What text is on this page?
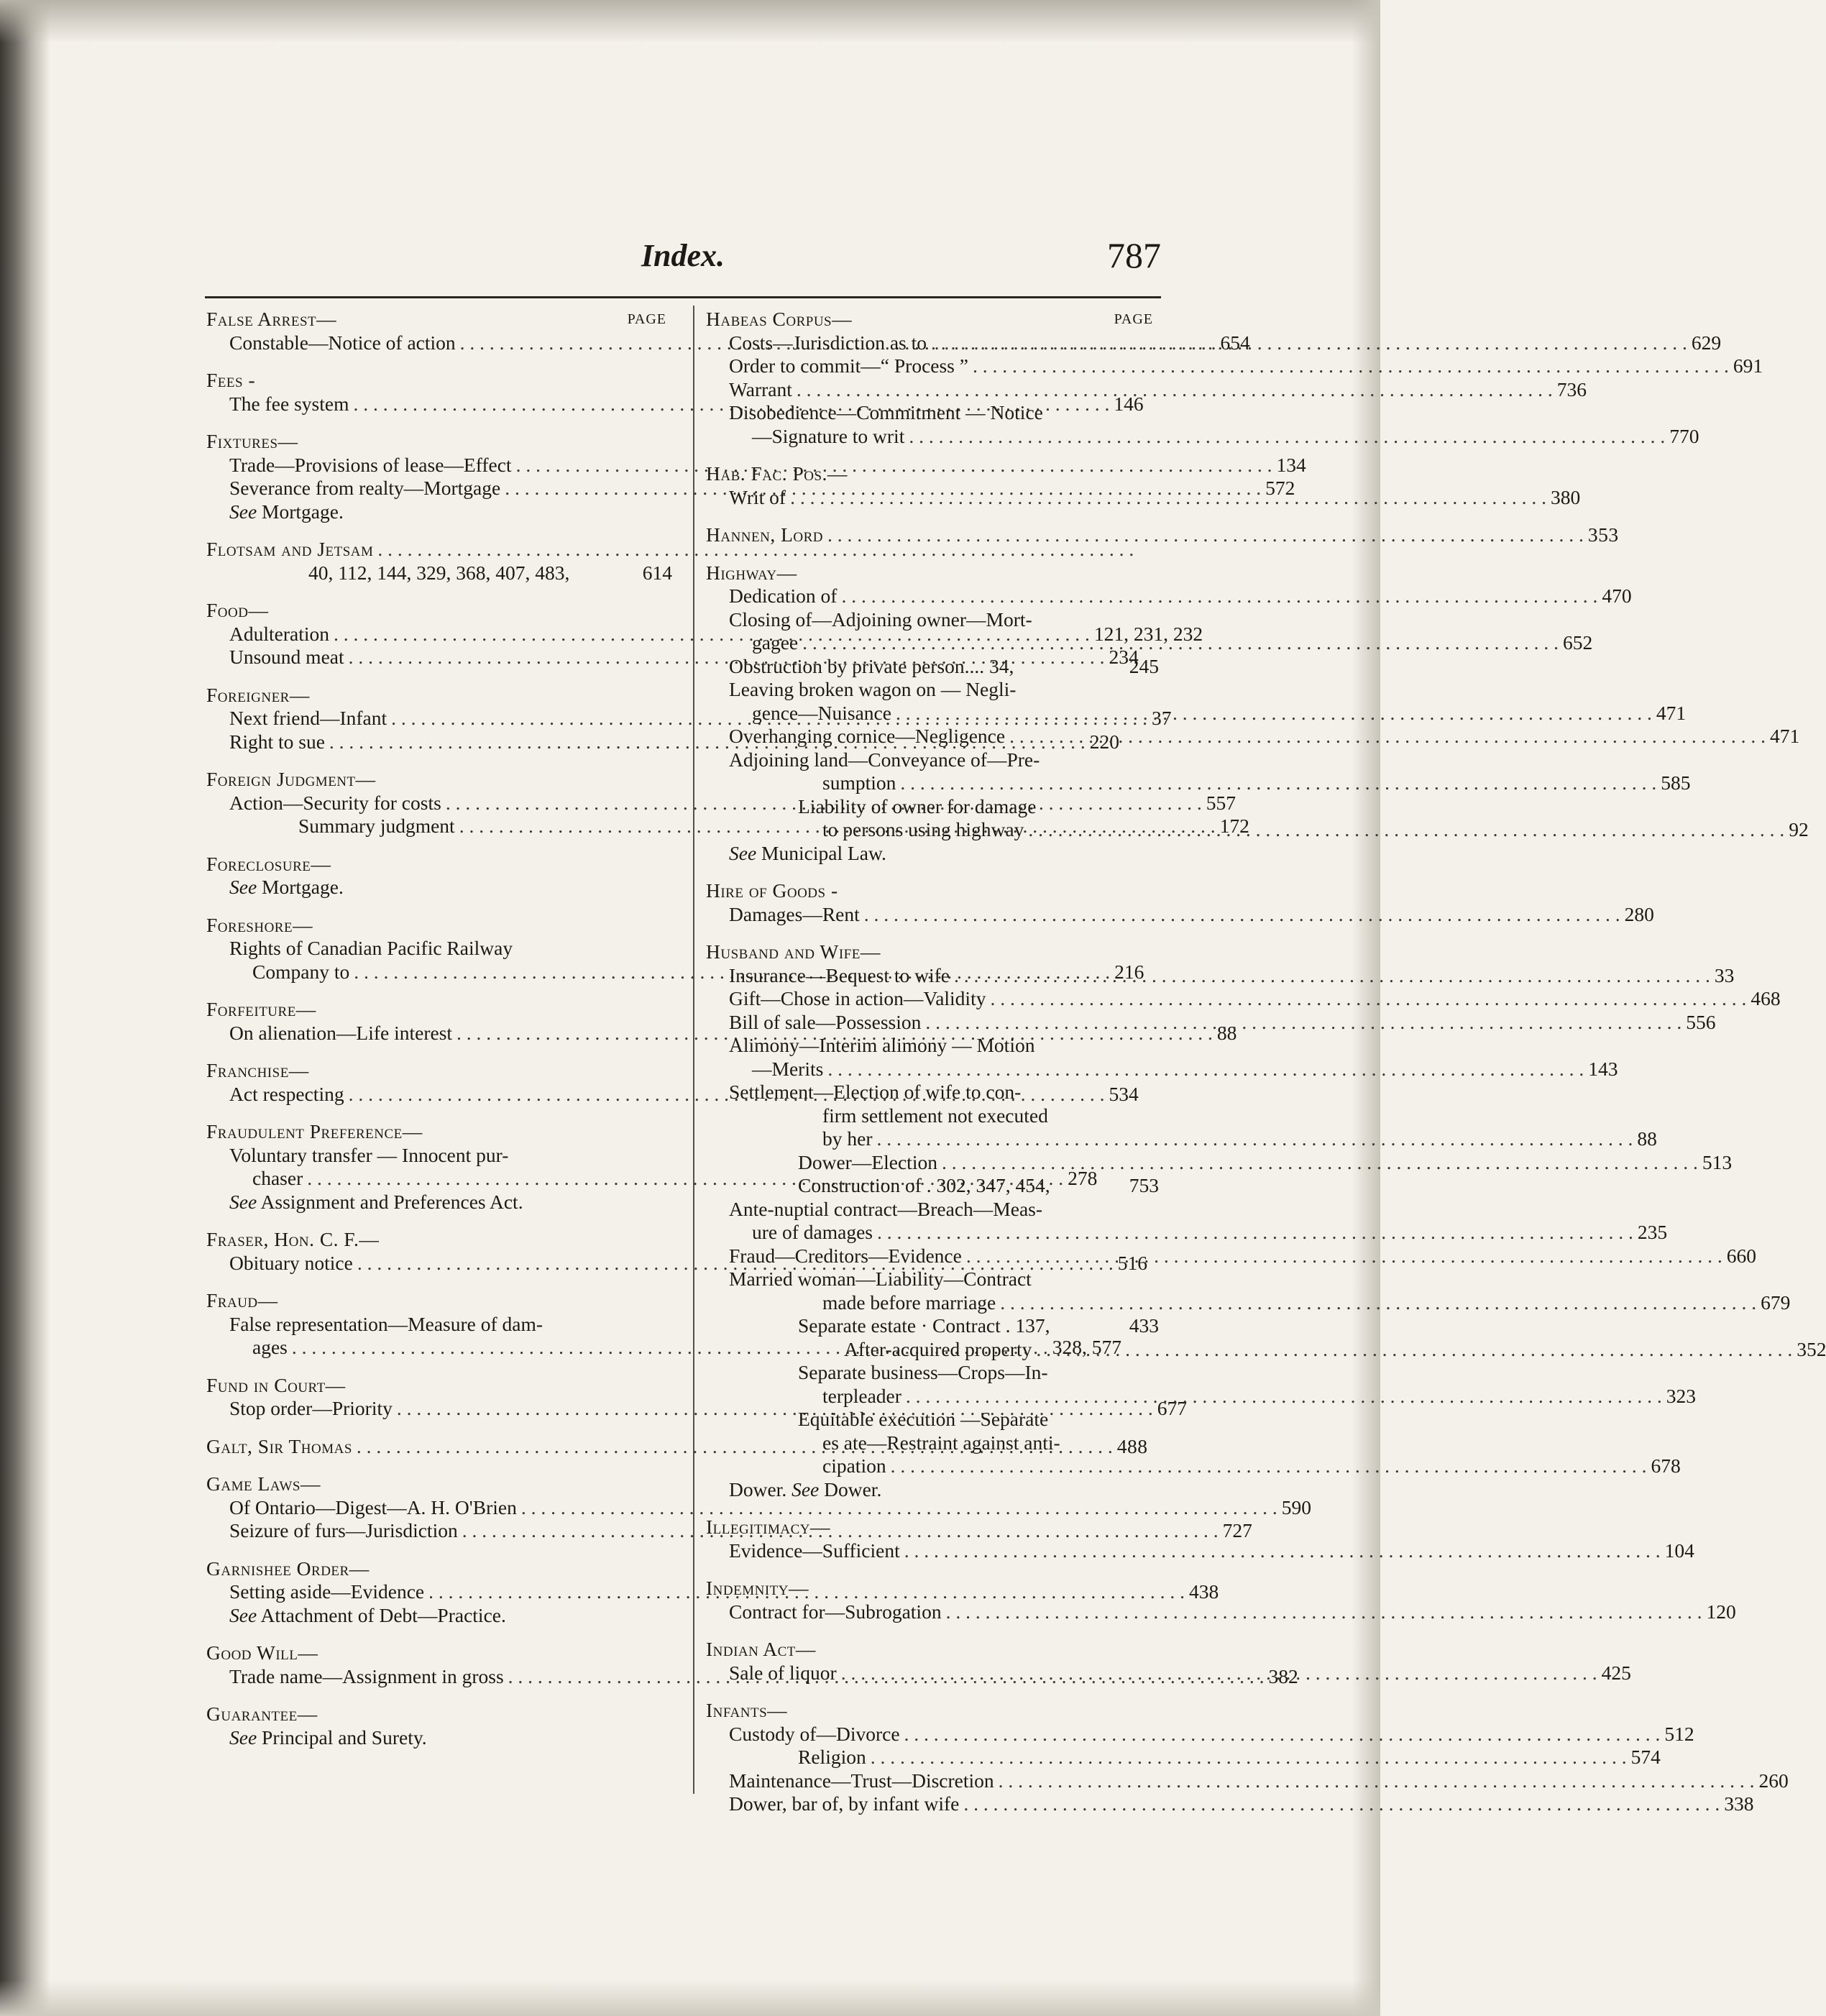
Index.	787
False Arrest—	PAGE
Constable—Notice of action . . .	654
Fees -
The fee system . . .	146
Fixtures—
Trade—Provisions of lease—Effect . . .	134
Severance from realty—Mortgage . . .	572
See Mortgage.
Flotsam and Jetsam
. . .
40, 112, 144, 329, 368, 407, 483,	614
Food—
Adulteration . . .	121, 231, 232
Unsound meat . . .	234
Foreigner—
Next friend—Infant . . .	37
Right to sue . . .	220
Foreign Judgment—
Action—Security for costs . . .	557
Summary judgment . . .	172
Foreclosure—
See Mortgage.
Foreshore—
Rights of Canadian Pacific Railway
Company to . . .	216
Forfeiture—
On alienation—Life interest . . .	88
Franchise—
Act respecting . . .	534
Fraudulent Preference—
Voluntary transfer — Innocent pur-
chaser . . .	278
See Assignment and Preferences Act.
Fraser, Hon. C. F.—
Obituary notice . . .	516
Fraud—
False representation—Measure of dam-
ages . . .	328, 577
Fund in Court—
Stop order—Priority . . .	677
Galt, Sir Thomas . . .	488
Game Laws—
Of Ontario—Digest—A. H. O'Brien . . .	590
Seizure of furs—Jurisdiction . . .	727
Garnishee Order—
Setting aside—Evidence . . .	438
See Attachment of Debt—Practice.
Good Will—
Trade name—Assignment in gross . . .	382
Guarantee—
See Principal and Surety.
Habeas Corpus—	PAGE
Costs—Jurisdiction as to . . .	629
Order to commit—“ Process ” . . .	691
Warrant . . .	736
Disobedience—Commitment — Notice
—Signature to writ . . .	770
Hab. Fac. Pos.—
Writ of . . .	380
Hannen, Lord . . .	353
Highway—
Dedication of . . .	470
Closing of—Adjoining owner—Mort-
gagee . . .	652
Obstruction by private person.... 34,	245
Leaving broken wagon on — Negli-
gence—Nuisance . . .	471
Overhanging cornice—Negligence . . .	471
Adjoining land—Conveyance of—Pre-
sumption . . .	585
Liability of owner for damage
to persons using highway . . .	92
See Municipal Law.
Hire of Goods -
Damages—Rent . . .	280
Husband and Wife—
Insurance—Bequest to wife . . .	33
Gift—Chose in action—Validity . . .	468
Bill of sale—Possession . . .	556
Alimony—Interim alimony — Motion
—Merits . . .	143
Settlement—Election of wife to con-
firm settlement not executed
by her . . .	88
Dower—Election . . .	513
Construction of . 302, 347, 454,	753
Ante-nuptial contract—Breach—Meas-
ure of damages . . .	235
Fraud—Creditors—Evidence . . .	660
Married woman—Liability—Contract
made before marriage . . .	679
Separate estate · Contract . 137,	433
After-acquired property . . .	352
Separate business—Crops—In-
terpleader . . .	323
Equitable execution —Separate
es ate—Restraint against anti-
cipation . . .	678
Dower. See Dower.
Illegitimacy—
Evidence—Sufficient . . .	104
Indemnity—
Contract for—Subrogation . . .	120
Indian Act—
Sale of liquor . . .	425
Infants—
Custody of—Divorce . . .	512
Religion . . .	574
Maintenance—Trust—Discretion . . .	260
Dower, bar of, by infant wife . . .	338
